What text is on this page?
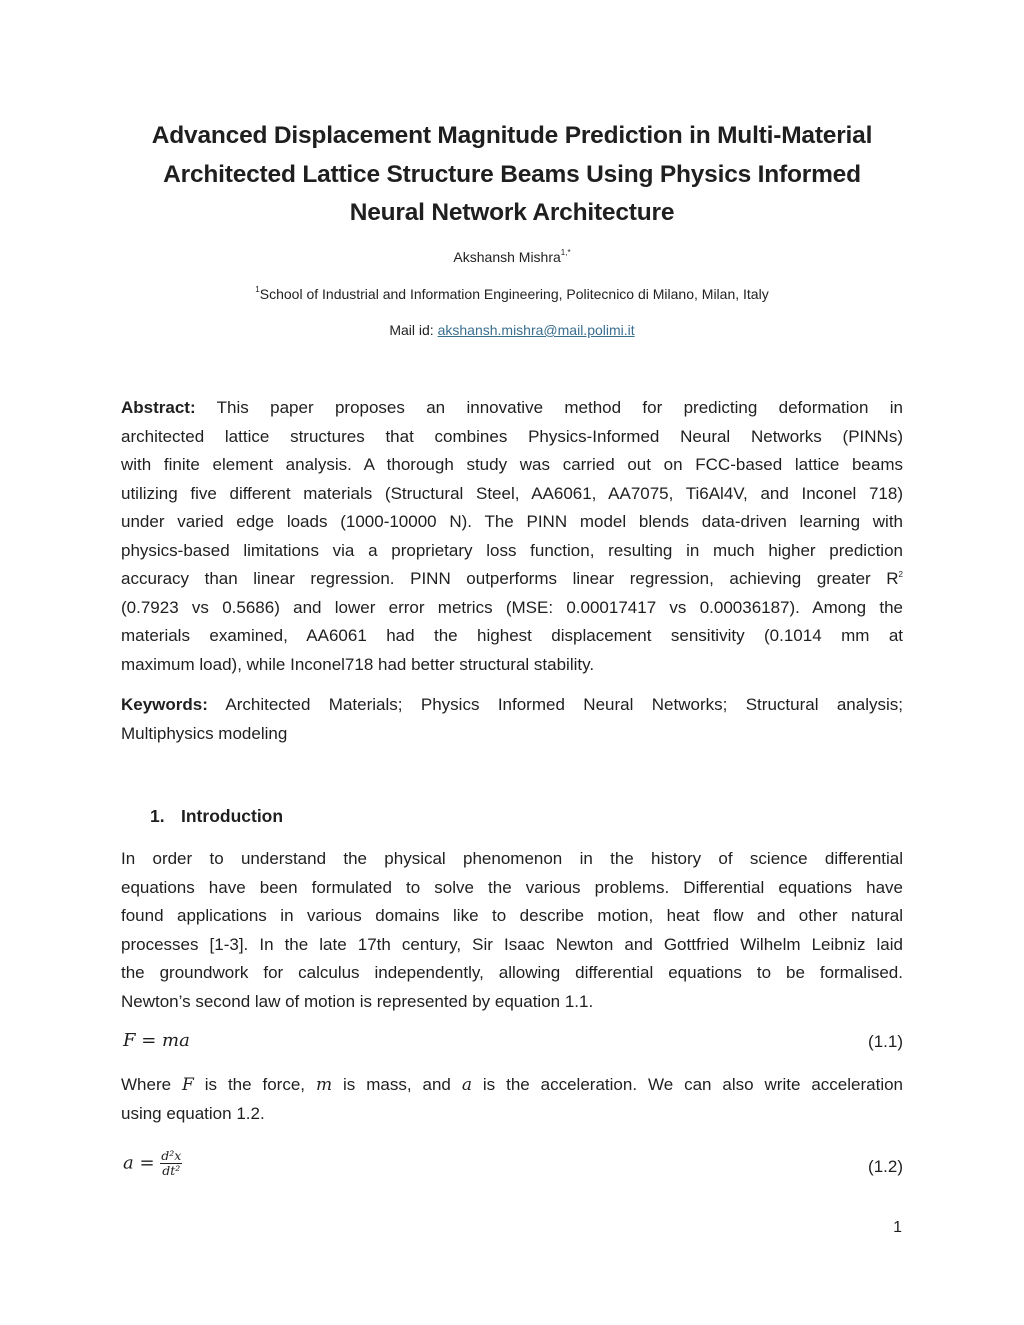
Advanced Displacement Magnitude Prediction in Multi-Material
Architected Lattice Structure Beams Using Physics Informed
Neural Network Architecture
Akshansh Mishra$^{1,*}$
$^1$School of Industrial and Information Engineering, Politecnico di Milano, Milan, Italy
Mail id: akshansh.mishra@mail.polimi.it
Abstract: This paper proposes an innovative method for predicting deformation in
architected lattice structures that combines Physics-Informed Neural Networks (PINNs)
with finite element analysis. A thorough study was carried out on FCC-based lattice beams
utilizing five different materials (Structural Steel, AA6061, AA7075, Ti6Al4V, and Inconel 718)
under varied edge loads (1000-10000 N). The PINN model blends data-driven learning with
physics-based limitations via a proprietary loss function, resulting in much higher prediction
accuracy than linear regression. PINN outperforms linear regression, achieving greater $R^2$
(0.7923 vs 0.5686) and lower error metrics (MSE: 0.00017417 vs 0.00036187). Among the
materials examined, AA6061 had the highest displacement sensitivity (0.1014 mm at
maximum load), while Inconel718 had better structural stability.
Keywords: Architected Materials; Physics Informed Neural Networks; Structural analysis;
Multiphysics modeling
1. Introduction
In order to understand the physical phenomenon in the history of science differential
equations have been formulated to solve the various problems. Differential equations have
found applications in various domains like to describe motion, heat flow and other natural
processes [1-3]. In the late 17th century, Sir Isaac Newton and Gottfried Wilhelm Leibniz laid
the groundwork for calculus independently, allowing differential equations to be formalised.
Newton’s second law of motion is represented by equation 1.1.
F = ma	(1.1)
Where F is the force, m is mass, and a is the acceleration. We can also write acceleration
using equation 1.2.
$a = \frac{\text{d²x}}{\text{dt²}}$	(1.2)
1
